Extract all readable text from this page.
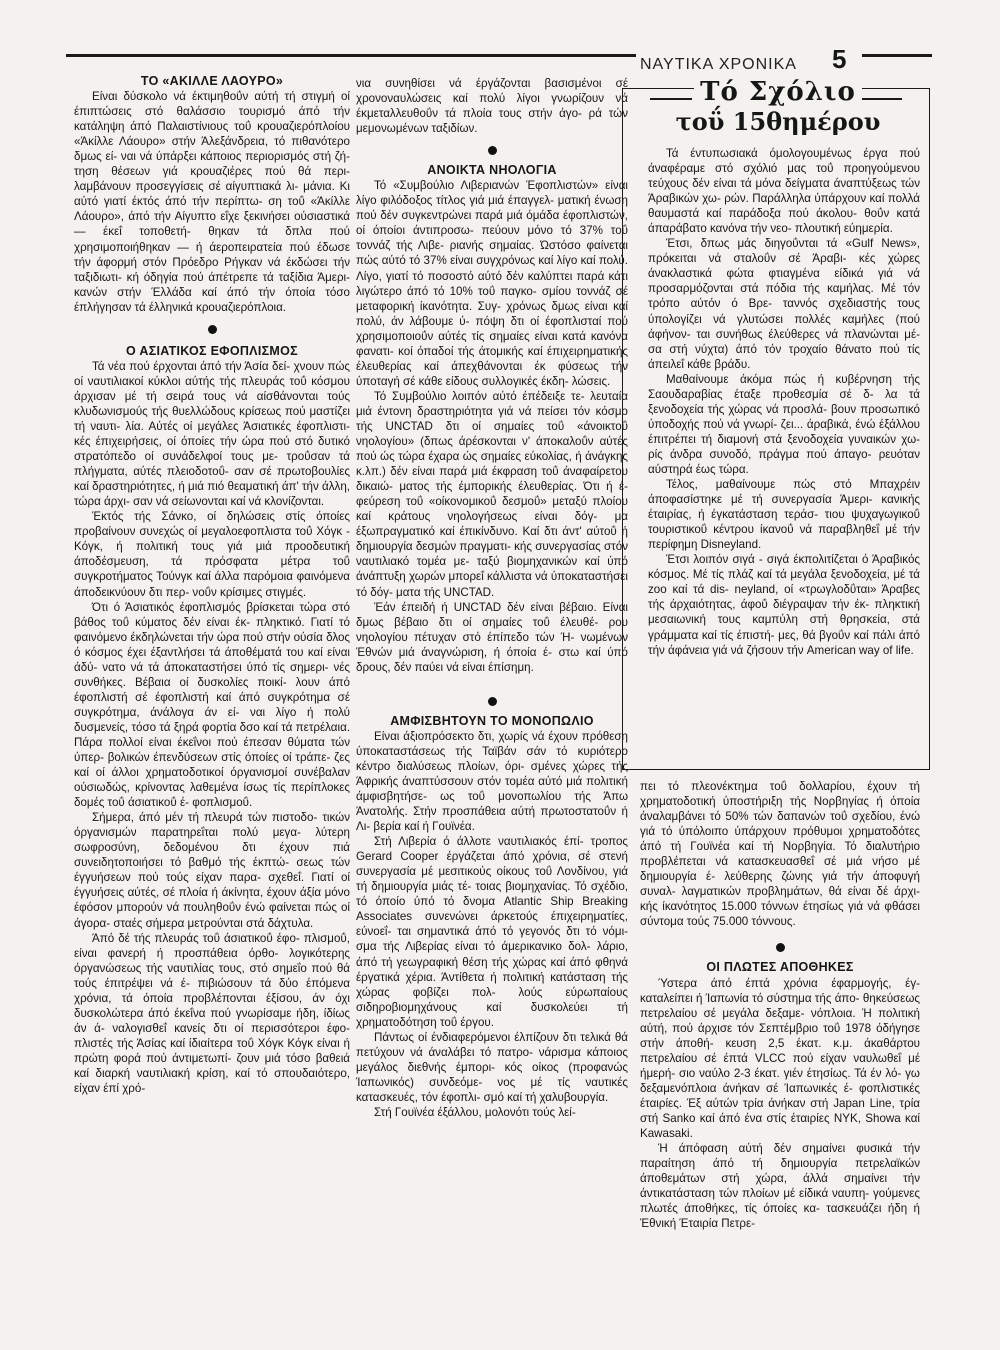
ΝΑΥΤΙΚΑ ΧΡΟΝΙΚΑ 5
ΤΟ «ΑΚΙΛΛΕ ΛΑΟΥΡΟ»

Είναι δύσκολο νά έκτιμηθοΰν αύτή τή στιγμή οί έπιπτώσεις στό θαλάσσιο τουρισμό άπό τήν κατάληψη άπό Παλαιστίνιους τοΰ κρουαζιερόπλοίου «Άκίλλε Λάουρο» στήν Άλεξάνδρεια, τό πιθανότερο δμως εί- ναι νά ύπάρξει κάποιος περιορισμός στή ζή- τηση θέσεων γιά κρουαζιέρες πού θά περι- λαμβάνουν προσεγγίσεις σέ αίγυπτιακά λι- μάνια. Κι αύτό γιατί έκτός άπό τήν περίπτω- ση τοΰ «Άκίλλε Λάουρο», άπό τήν Αίγυπτο εΐχε ξεκινήσει ούσιαστικά — έκεΐ τοποθετή- θηκαν τά δπλα πού χρησιμοποιήθηκαν — ή άεροπειρατεία πού έδωσε τήν άφορμή στόν Πρόεδρο Ρήγκαν νά έκδώσει τήν ταξιδιωτι- κή όδηγία πού άπέτρεπε τά ταξίδια Άμερι- κανών στήν Έλλάδα καί άπό τήν όποία τόσο έπλήγησαν τά έλληνικά κρουαζιερόπλοια.

Ο ΑΣΙΑΤΙΚΟΣ ΕΦΟΠΛΙΣΜΟΣ

Τά νέα πού έρχονται άπό τήν Άσία δεί- χνουν πώς οί ναυτιλιακοί κύκλοι αύτής τής πλευράς τοΰ κόσμου άρχισαν μέ τή σειρά τους νά αίσθάνονται τούς κλυδωνισμούς τής θυελλώδους κρίσεως πού μαστίζει τή ναυτι- λία. Αύτές οί μεγάλες Άσιατικές έφοπλιστι- κές έπιχειρήσεις, οί όποίες τήν ώρα πού στό δυτικό στρατόπεδο οί συνάδελφοί τους με- τροΰσαν τά πλήγματα, αύτές πλειοδοτοΰ- σαν σέ πρωτοβουλίες καί δραστηριότητες, ή μιά πιό θεαματική άπ' τήν άλλη, τώρα άρχι- σαν νά σείωνονται καί νά κλονίζονται.

Έκτός τής Σάνκο, οί δηλώσεις στίς όποίες προβαίνουν συνεχώς οί μεγαλοεφοπλιστα τοΰ Χόγκ - Κόγκ, ή πολιτική τους γιά μιά προοδευτική άποδέσμευση, τά πρόσφατα μέτρα τοΰ συγκροτήματος Τούνγκ καί άλλα παρόμοια φαινόμενα άποδεικνύουν δτι περ- νοΰν κρίσιμες στιγμές.

Ότι ό Άσιατικός έφοπλισμός βρίσκεται τώρα στό βάθος τοΰ κύματος δέν είναι έκ- πληκτικό. Γιατί τό φαινόμενο έκδηλώνεται τήν ώρα πού στήν ούσία δλος ό κόσμος έχει έξαντλήσει τά άποθέματά του καί είναι άδύ- νατο νά τά άποκαταστήσει ύπό τίς σημερι- νές συνθήκες. Βέβαια οί δυσκολίες ποικί- λουν άπό έφοπλιστή σέ έφοπλιστή καί άπό συγκρότημα σέ συγκρότημα, άνάλογα άν εί- ναι λίγο ή πολύ δυσμενείς, τόσο τά ξηρά φορτία δσο καί τά πετρέλαια. Πάρα πολλοί είναι έκεΐνοι πού έπεσαν θύματα τών ύπερ- βολικών έπενδύσεων στίς όποίες οί τράπε- ζες καί οί άλλοι χρηματοδοτικοί όργανισμοί συνέβαλαν ούσιωδώς, κρίνοντας λαθεμένα ίσως τίς περίπλοκες δομές τοΰ άσιατικοΰ έ- φοπλισμοΰ.

Σήμερα, άπό μέν τή πλευρά τών πιστοδο- τικών όργανισμών παρατηρεΐται πολύ μεγα- λύτερη σωφροσύνη, δεδομένου δτι έχουν πιά συνειδητοποιήσει τό βαθμό τής έκπτώ- σεως τών έγγυήσεων πού τούς είχαν παρα- σχεθεΐ. Γιατί οί έγγυήσεις αύτές, σέ πλοία ή άκίνητα, έχουν άξία μόνο έφόσον μπορούν νά πουληθοΰν ένώ φαίνεται πώς οί άγορα- σταές σήμερα μετρούνται στά δάχτυλα.

Άπό δέ τής πλευράς τοΰ άσιατικοΰ έφο- πλισμοΰ, είναι φανερή ή προσπάθεια όρθο- λογικότερης όργανώσεως τής ναυτιλίας τους, στό σημεΐο πού θά τούς έπιτρέψει νά έ- πιβιώσουν τά δύο έπόμενα χρόνια, τά όποία προβλέπονται έξίσου, άν όχι δυσκολώτερα άπό έκεΐνα πού γνωρίσαμε ήδη, ίδίως άν ά- ναλογισθεΐ κανείς δτι οί περισσότεροι έφο- πλιστές τής Άσίας καί ίδιαίτερα τοΰ Χόγκ Κόγκ είναι ή πρώτη φορά πού άντιμετωπί- ζουν μιά τόσο βαθειά καί διαρκή ναυτιλιακή κρίση, καί τό σπουδαιότερο, είχαν έπί χρό-

νια συνηθίσει νά έργάζονται βασισμένοι σέ χρονοναυλώσεις καί πολύ λίγοι γνωρίζουν νά έκμεταλλευθοΰν τά πλοία τους στήν άγο- ρά τών μεμονωμένων ταξιδίων.

ΑΝΟΙΚΤΑ ΝΗΟΛΟΓΙΑ

Τό «Συμβούλιο Λιβεριανών Έφοπλιστών» είναι λίγο φιλόδοξος τίτλος γιά μιά έπαγγελ- ματική ένωση πού δέν συγκεντρώνει παρά μιά όμάδα έφοπλιστών, οί όποίοι άντιπροσω- πεύουν μόνο τό 37% τοΰ τοννάζ τής Λιβε- ριανής σημαίας. Ώστόσο φαίνεται πώς αύτό τό 37% είναι συγχρόνως καί λίγο καί πολύ. Λίγο, γιατί τό ποσοστό αύτό δέν καλύπτει παρά κάτι λιγώτερο άπό τό 10% τοΰ παγκο- σμίου τοννάζ σέ μεταφορική ίκανότητα. Συγ- χρόνως δμως είναι καί πολύ, άν λάβουμε ύ- πόψη δτι οί έφοπλισταί πού χρησιμοποιοΰν αύτές τίς σημαίες είναι κατά κανόνα φανατι- κοί όπαδοί τής άτομικής καί έπιχειρηματικής έλευθερίας καί άπεχθάνονται έκ φύσεως τήν ύποταγή σέ κάθε είδους συλλογικές έκδη- λώσεις.

Τό Συμβούλιο λοιπόν αύτό έπέδειξε τε- λευταία μιά έντονη δραστηριότητα γιά νά πείσει τόν κόσμο τής UNCTAD δτι οί σημαίες τοΰ «άνοικτοΰ νηολογίου» (δπως άρέσκονται ν' άποκαλοΰν αύτές πού ώς τώρα έχαρα ώς σημαίες εύκολίας, ή άνάγκης κ.λπ.) δέν είναι παρά μιά έκφραση τοΰ άναφαίρετου δικαιώ- ματος τής έμπορικής έλευθερίας. Ότι ή έ- φεύρεση τοΰ «οίκονομικοΰ δεσμοΰ» μεταξύ πλοίου καί κράτους νηολογήσεως είναι δόγ- μα έξωπραγματικό καί έπικίνδυνο. Καί δτι άντ' αύτοΰ ή δημιουργία δεσμών πραγματι- κής συνεργασίας στόν ναυτιλιακό τομέα με- ταξύ βιομηχανικών καί ύπό άνάπτυξη χωρών μπορεΐ κάλλιστα νά ύποκαταστήσει τό δόγ- ματα τής UNCTAD.

Έάν έπειδή ή UNCTAD δέν είναι βέβαιο. Είναι δμως βέβαιο δτι οί σημαίες τοΰ έλευθέ- ρου νηολογίου πέτυχαν στό έπίπεδο τών Ή- νωμένων Έθνών μιά άναγνώριση, ή όποία έ- στω καί ύπό δρους, δέν παύει νά είναι έπίσημη.

ΑΜΦΙΣΒΗΤΟΥΝ ΤΟ ΜΟΝΟΠΩΛΙΟ

Είναι άξιοπρόσεκτο δτι, χωρίς νά έχουν πρόθεση ύποκαταστάσεως τής Ταϊβάν σάν τό κυριότερο κέντρο διαλύσεως πλοίων, όρι- σμένες χώρες τής Άφρικής άναπτύσσουν στόν τομέα αύτό μιά πολιτική άμφισβητήσε- ως τοΰ μονοπωλίου τής Άπω Άνατολής. Στήν προσπάθεια αύτή πρωτοστατοΰν ή Λι- βερία καί ή Γουϊνέα.

Στή Λιβερία ό άλλοτε ναυτιλιακός έπί- τροπος Gerard Cooper έργάζεται άπό χρόνια, σέ στενή συνεργασία μέ μεσιτικούς οίκους τοΰ Λονδίνου, γιά τή δημιουργία μιάς τέ- τοιας βιομηχανίας. Τό σχέδιο, τό όποίο ύπό τό δνομα Atlantic Ship Breaking Associates συνενώνει άρκετούς έπιχειρηματίες, εύνοεΐ- ται σημαντικά άπό τό γεγονός δτι τό νόμι- σμα τής Λιβερίας είναι τό άμερικανικο δολ- λάριο, άπό τή γεωγραφική θέση τής χώρας καί άπό φθηνά έργατικά χέρια. Άντίθετα ή πολιτική κατάσταση τής χώρας φοβίζει πολ- λούς εύρωπαίους σιδηροβιομηχάνους καί δυσκολεύει τή χρηματοδότηση τοΰ έργου.

Πάντως οί ένδιαφερόμενοι έλπίζουν δτι τελικά θά πετύχουν νά άναλάβει τό πατρο- νάρισμα κάποιος μεγάλος διεθνής έμπορι- κός οίκος (προφανώς Ίαπωνικός) συνδεόμε- νος μέ τίς ναυτικές κατασκευές, τόν έφοπλι- σμό καί τή χαλυβουργία.

Στή Γουϊνέα έξάλλου, μολονότι τούς λεί-

Τό Σχόλιο
τοΰ 15θημέρου

Τά έντυπωσιακά όμολογουμένως έργα πού άναφέραμε στό σχόλιό μας τοΰ προηγούμενου τεύχους δέν είναι τά μόνα δείγματα άναπτύξεως τών Άραβικών χω- ρών. Παράλληλα ύπάρχουν καί πολλά θαυμαστά καί παράδοξα πού άκολου- θοΰν κατά άπαράβατο κανόνα τήν νεο- πλουτική εύημερία.

Έτσι, δπως μάς διηγοΰνται τά «Gulf News», πρόκειται νά σταλοΰν σέ Άραβι- κές χώρες άνακλαστικά φώτα φτιαγμένα είδικά γιά νά προσαρμόζονται στά πόδια τής καμήλας. Μέ τόν τρόπο αύτόν ό Βρε- ταννός σχεδιαστής τους ύπολογίζει νά γλυτώσει πολλές καμήλες (πού άφήνον- ται συνήθως έλεύθερες νά πλανώνται μέ- σα στή νύχτα) άπό τόν τροχαίο θάνατο πού τίς άπειλεΐ κάθε βράδυ.

Μαθαίνουμε άκόμα πώς ή κυβέρνηση τής Σαουδαραβίας έταξε προθεσμία σέ δ- λα τά ξενοδοχεία τής χώρας νά προσλά- βουν προσωπικό ύποδοχής πού νά γνωρί- ζει... άραβικά, ένώ έξάλλου έπιτρέπει τή διαμονή στά ξενοδοχεία γυναικών χω- ρίς άνδρα συνοδό, πράγμα πού άπαγο- ρευόταν αύστηρά έως τώρα.

Τέλος, μαθαίνουμε πώς στό Μπαχρέιν άποφασίστηκε μέ τή συνεργασία Άμερι- κανικής έταιρίας, ή έγκατάσταση τεράσ- τιου ψυχαγωγικοΰ τουριστικοΰ κέντρου ίκανοΰ νά παραβληθεΐ μέ τήν περίφημη Disneyland.

Έτσι λοιπόν σιγά - σιγά έκπολιτίζεται ό Άραβικός κόσμος. Μέ τίς πλάζ καί τά μεγάλα ξενοδοχεία, μέ τά zoo καί τά dis- neyland, οί «τρωγλοδΰται» Άραβες τής άρχαιότητας, άφοΰ διέγραψαν τήν έκ- πληκτική μεσαιωνική τους καμπύλη στή θρησκεία, στά γράμματα καί τίς έπιστή- μες, θά βγοΰν καί πάλι άπό τήν άφάνεια γιά νά ζήσουν τήν American way of life.

πει τό πλεονέκτημα τοΰ δολλαρίου, έχουν τή χρηματοδοτική ύποστήριξη τής Νορβηγίας ή όποία άναλαμβάνει τό 50% τών δαπανών τοΰ σχεδίου, ένώ γιά τό ύπόλοιπο ύπάρχουν πρόθυμοι χρηματοδότες άπό τή Γουϊνέα καί τή Νορβηγία. Τό διαλυτήριο προβλέπεται νά κατασκευασθεΐ σέ μιά νήσο μέ δημιουργία έ- λεύθερης ζώνης γιά τήν άποφυγή συναλ- λαγματικών προβλημάτων, θά είναι δέ άρχι- κής ίκανότητος 15.000 τόννων έτησίως γιά νά φθάσει σύντομα τούς 75.000 τόννους.

ΟΙ ΠΛΩΤΕΣ ΑΠΟΘΗΚΕΣ

Ύστερα άπό έπτά χρόνια έφαρμογής, έγ- καταλείπει ή Ίαπωνία τό σύστημα τής άπο- θηκεύσεως πετρελαίου σέ μεγάλα δεξαμε- νόπλοια. Ή πολιτική αύτή, πού άρχισε τόν Σεπτέμβριο τοΰ 1978 όδήγησε στήν άποθή- κευση 2,5 έκατ. κ.μ. άκαθάρτου πετρελαίου σέ έπτά VLCC πού είχαν ναυλωθεΐ μέ ήμερή- σιο ναύλο 2-3 έκατ. γιέν έτησίως. Τά έν λό- γω δεξαμενόπλοια άνήκαν σέ Ίαπωνικές έ- φοπλιστικές έταιρίες. Έξ αύτών τρία άνήκαν στή Japan Line, τρία στή Sanko καί άπό ένα στίς έταιρίες NYK, Showa καί Kawasaki.

Ή άπόφαση αύτή δέν σημαίνει φυσικά τήν παραίτηση άπό τή δημιουργία πετρελαϊκών άποθεμάτων στή χώρα, άλλά σημαίνει τήν άντικατάσταση τών πλοίων μέ είδικά ναυπη- γούμενες πλωτές άποθήκες, τίς όποίες κα- τασκευάζει ήδη ή Έθνική Έταιρία Πετρε-
